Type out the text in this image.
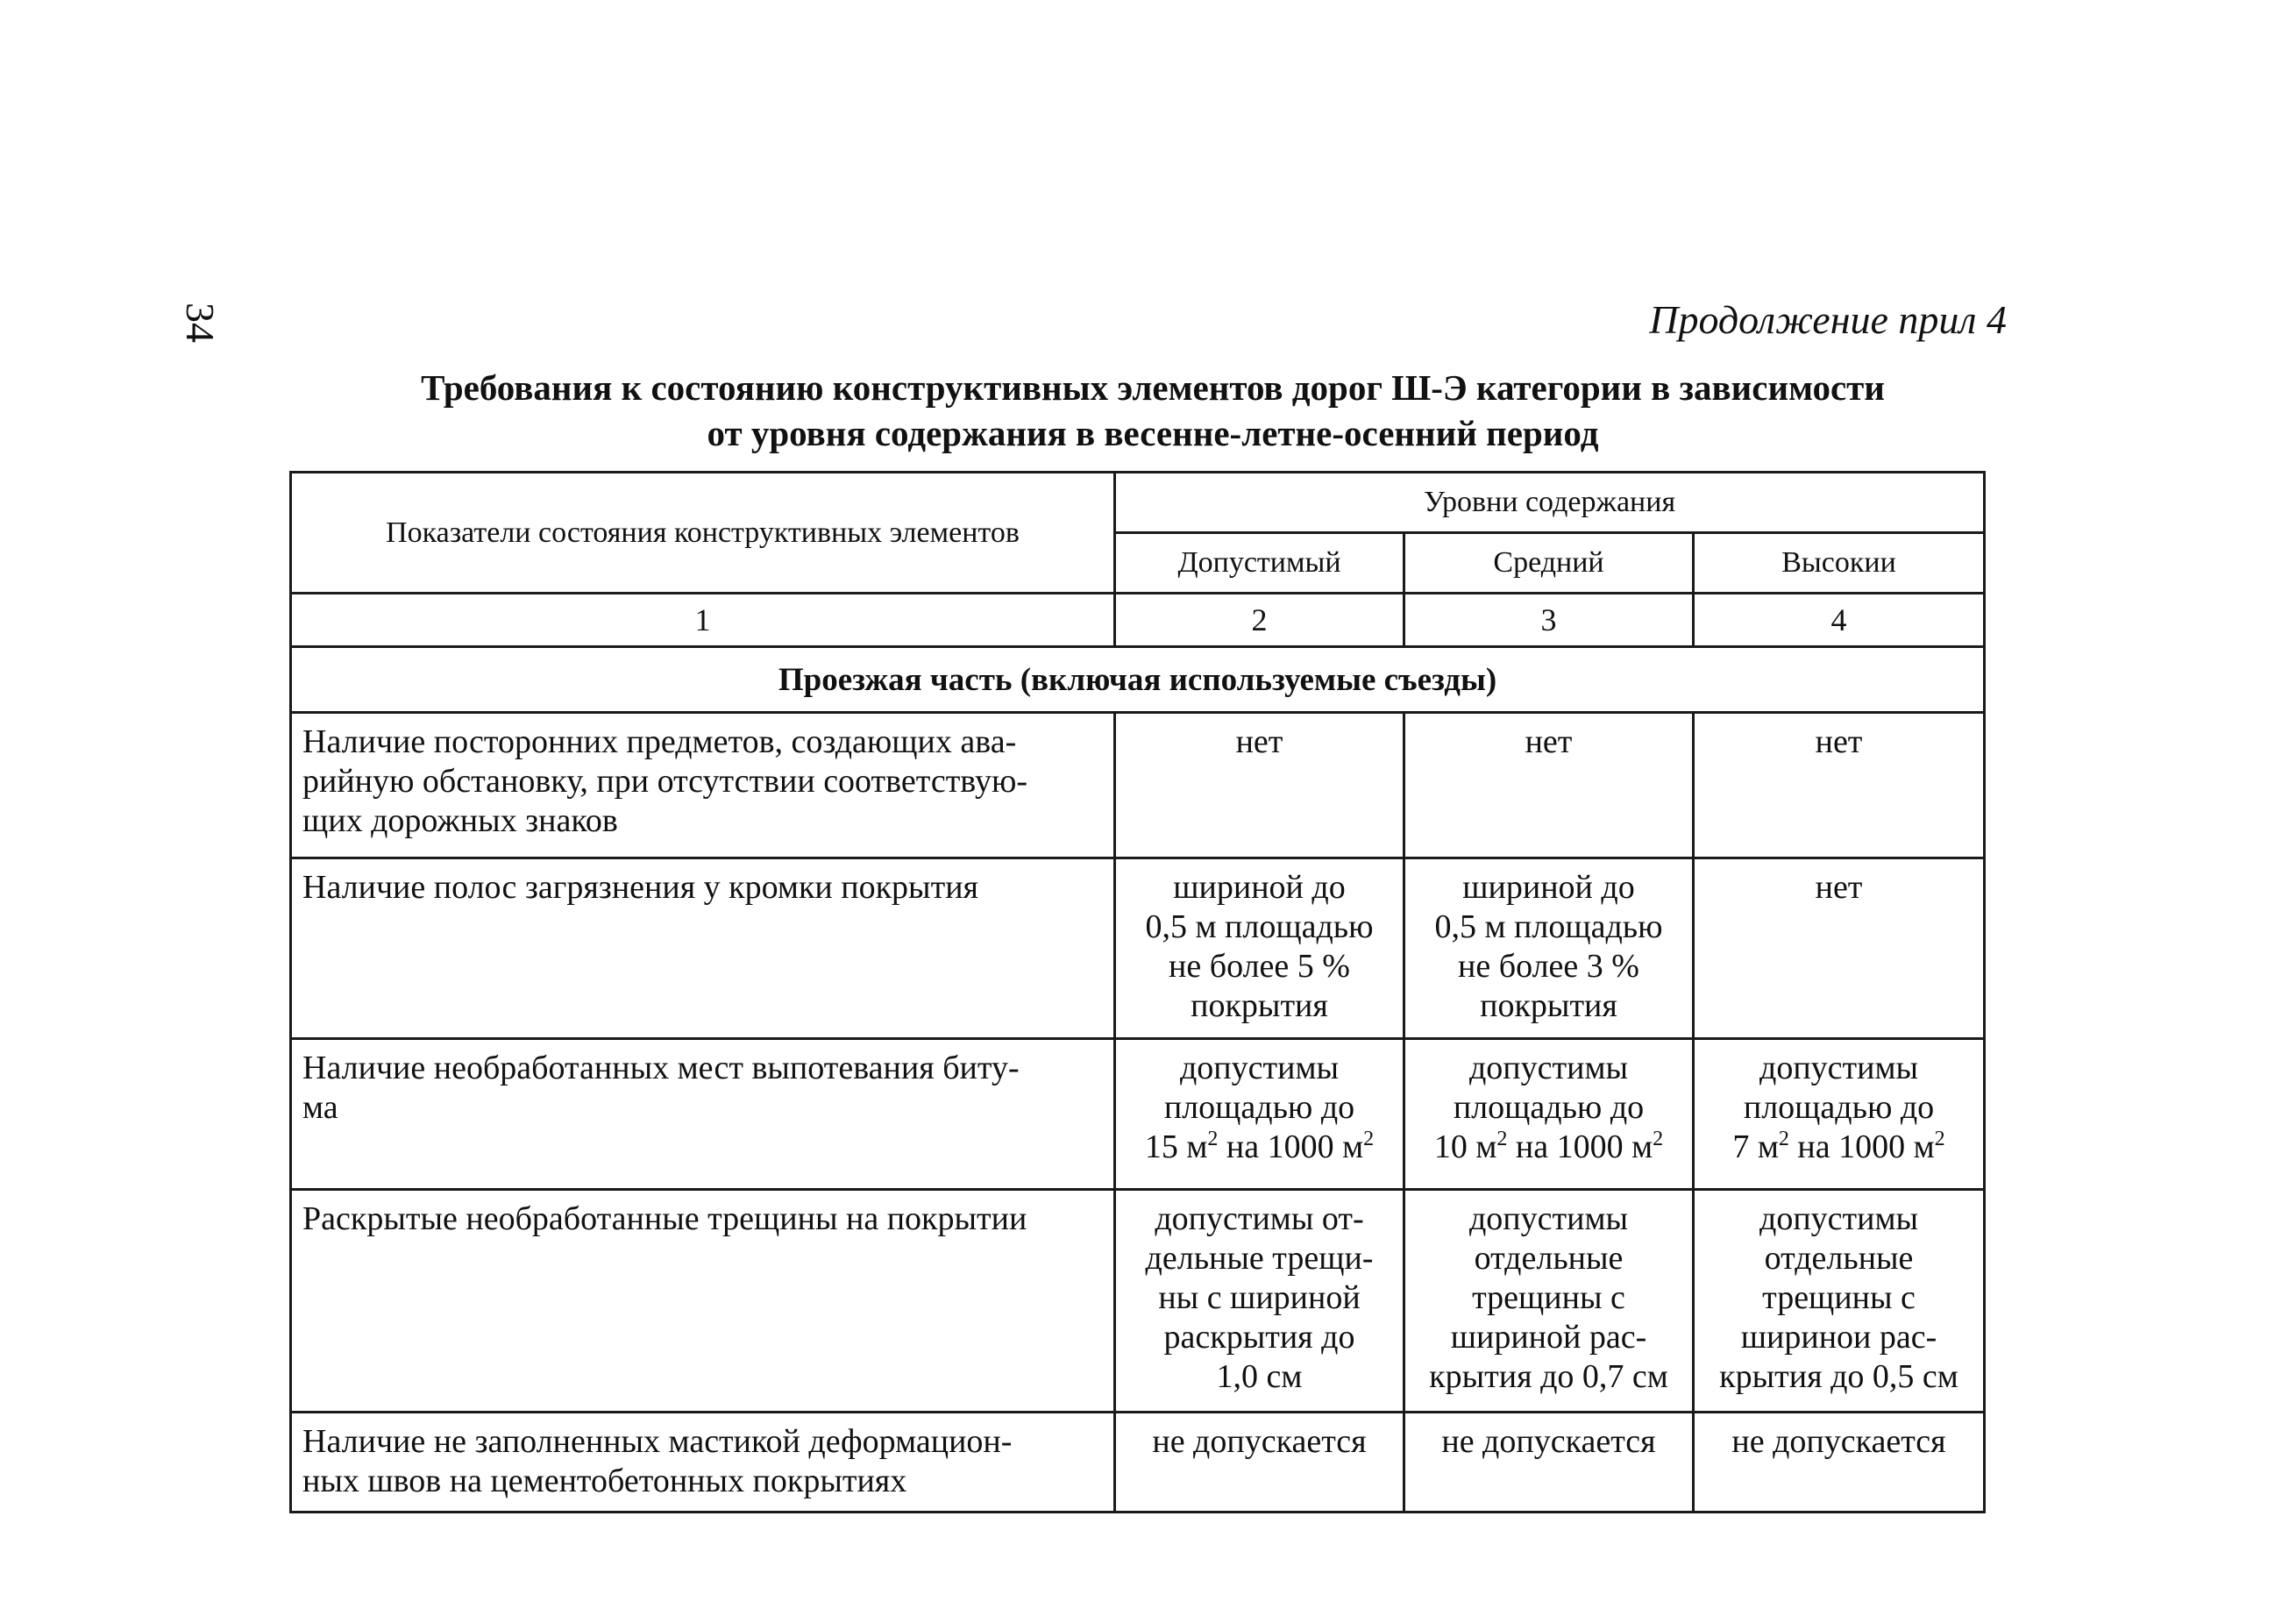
34	Продолжение прил 4
Требования к состоянию конструктивных элементов дорог Ш-Э категории в зависимости
от уровня содержания в весенне-летне-осенний период
Показатели состояния конструктивных элементов	Уровни содержания		
	Допустимый	Средний	Высокии
1	2	3	4
Проезжая часть (включая используемые съезды)			

Наличие посторонних предметов, создающих ава-
рийную обстановку, при отсутствии соответствую-
щих дорожных знаков	нет	нет	нет

Наличие полос загрязнения у кромки покрытия	шириной до
0,5 м площадью
не более 5 %
покрытия	шириной до
0,5 м площадью
не более 3 %
покрытия	нет

Наличие необработанных мест выпотевания биту-
ма	допустимы
площадью до
15 $м^2$ на 1000 $м^2$	допустимы
площадью до
10 $м^2$ на 1000 $м^2$	допустимы
площадью до
7 $м^2$ на 1000 $м^2$

Раскрытые необработанные трещины на покрытии	допустимы от-
дельные трещи-
ны с шириной
раскрытия до
1,0 см	допустимы
отдельные
трещины с
шириной рас-
крытия до 0,7 см	допустимы
отдельные
трещины с
ширинои рас-
крытия до 0,5 см

Наличие не заполненных мастикой деформацион-
ных швов на цементобетонных покрытиях	не допускается	не допускается	не допускается
